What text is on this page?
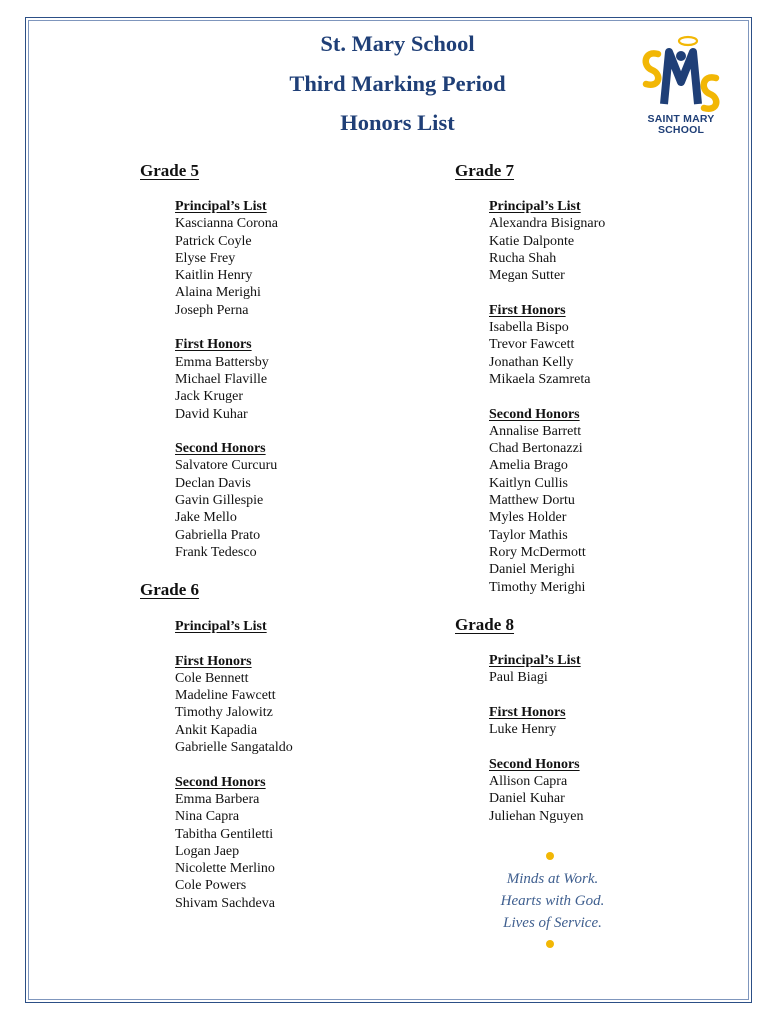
St. Mary School
Third Marking Period
Honors List	SAINT MARY
SCHOOL
Grade 5
Principal’s List
Kascianna Corona
Patrick Coyle
Elyse Frey
Kaitlin Henry
Alaina Merighi
Joseph Perna
First Honors
Emma Battersby
Michael Flaville
Jack Kruger
David Kuhar
Second Honors
Salvatore Curcuru
Declan Davis
Gavin Gillespie
Jake Mello
Gabriella Prato
Frank Tedesco
Grade 6
Principal’s List
First Honors
Cole Bennett
Madeline Fawcett
Timothy Jalowitz
Ankit Kapadia
Gabrielle Sangataldo
Second Honors
Emma Barbera
Nina Capra
Tabitha Gentiletti
Logan Jaep
Nicolette Merlino
Cole Powers
Shivam Sachdeva
Grade 7
Principal’s List
Alexandra Bisignaro
Katie Dalponte
Rucha Shah
Megan Sutter
First Honors
Isabella Bispo
Trevor Fawcett
Jonathan Kelly
Mikaela Szamreta
Second Honors
Annalise Barrett
Chad Bertonazzi
Amelia Brago
Kaitlyn Cullis
Matthew Dortu
Myles Holder
Taylor Mathis
Rory McDermott
Daniel Merighi
Timothy Merighi
Grade 8
Principal’s List
Paul Biagi
First Honors
Luke Henry
Second Honors
Allison Capra
Daniel Kuhar
Juliehan Nguyen
Minds at Work.
Hearts with God.
Lives of Service.
